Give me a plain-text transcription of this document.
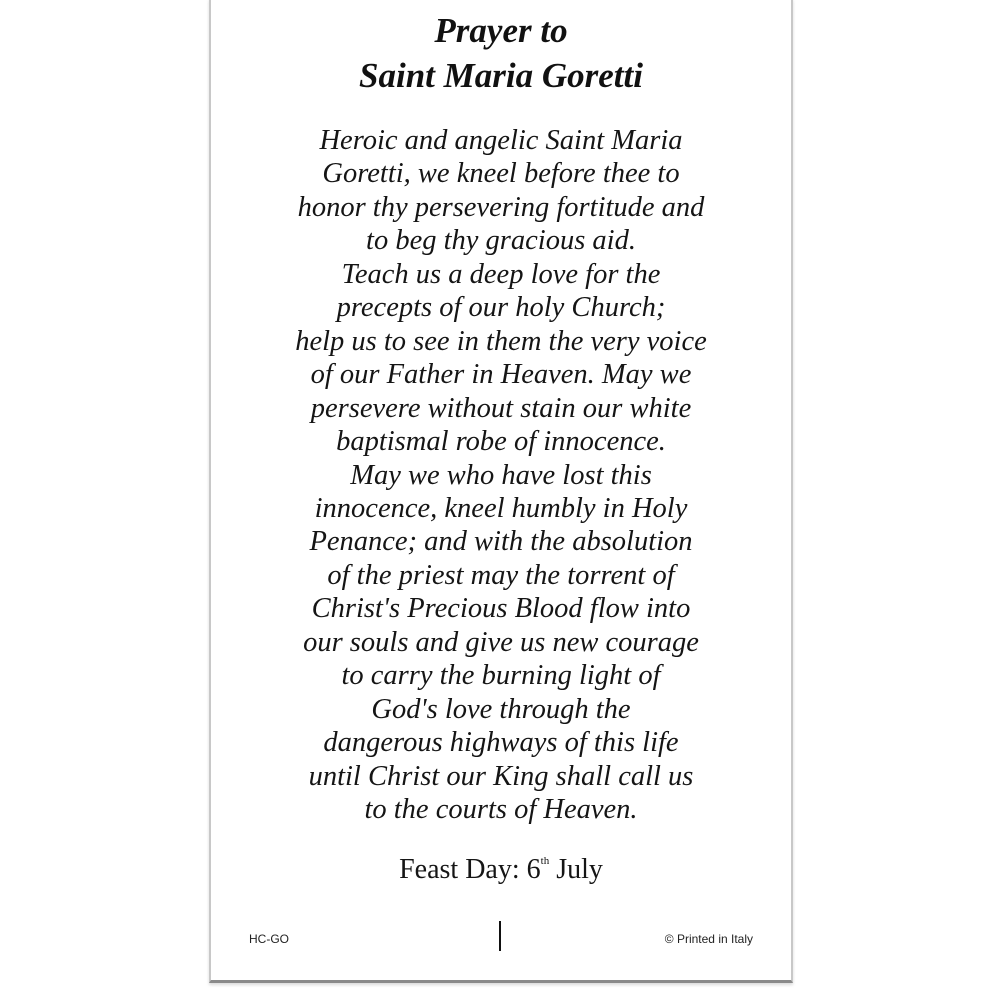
Prayer to
Saint Maria Goretti
Heroic and angelic Saint Maria
Goretti, we kneel before thee to
honor thy persevering fortitude and
to beg thy gracious aid.
Teach us a deep love for the
precepts of our holy Church;
help us to see in them the very voice
of our Father in Heaven. May we
persevere without stain our white
baptismal robe of innocence.
May we who have lost this
innocence, kneel humbly in Holy
Penance; and with the absolution
of the priest may the torrent of
Christ's Precious Blood flow into
our souls and give us new courage
to carry the burning light of
God's love through the
dangerous highways of this life
until Christ our King shall call us
to the courts of Heaven.
Feast Day: 6th July
HC-GO	© Printed in Italy
